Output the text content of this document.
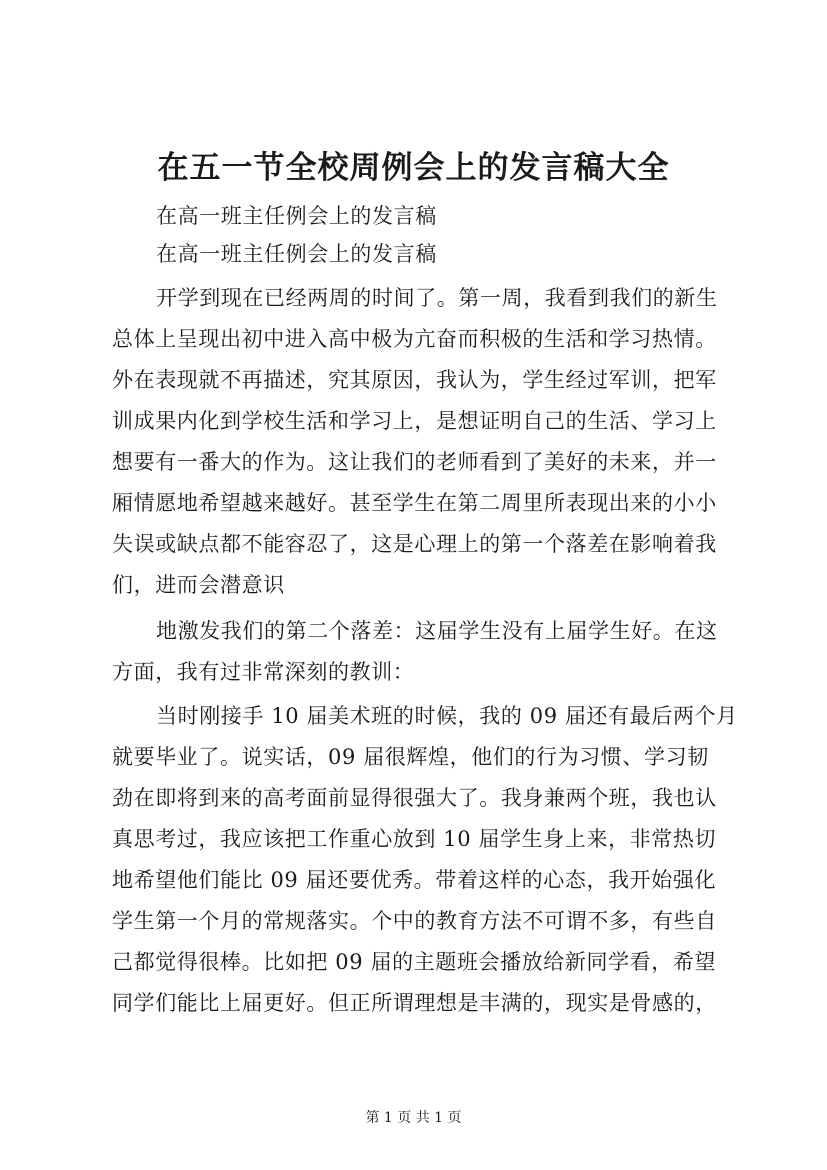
在五一节全校周例会上的发言稿大全
在高一班主任例会上的发言稿
在高一班主任例会上的发言稿
开学到现在已经两周的时间了。第一周，我看到我们的新生
总体上呈现出初中进入高中极为亢奋而积极的生活和学习热情。
外在表现就不再描述，究其原因，我认为，学生经过军训，把军
训成果内化到学校生活和学习上，是想证明自己的生活、学习上
想要有一番大的作为。这让我们的老师看到了美好的未来，并一
厢情愿地希望越来越好。甚至学生在第二周里所表现出来的小小
失误或缺点都不能容忍了，这是心理上的第一个落差在影响着我
们，进而会潜意识
地激发我们的第二个落差：这届学生没有上届学生好。在这
方面，我有过非常深刻的教训：
当时刚接手 10 届美术班的时候，我的 09 届还有最后两个月
就要毕业了。说实话，09 届很辉煌，他们的行为习惯、学习韧
劲在即将到来的高考面前显得很强大了。我身兼两个班，我也认
真思考过，我应该把工作重心放到 10 届学生身上来，非常热切
地希望他们能比 09 届还要优秀。带着这样的心态，我开始强化
学生第一个月的常规落实。个中的教育方法不可谓不多，有些自
己都觉得很棒。比如把 09 届的主题班会播放给新同学看，希望
同学们能比上届更好。但正所谓理想是丰满的，现实是骨感的，
第 1 页 共 1 页
